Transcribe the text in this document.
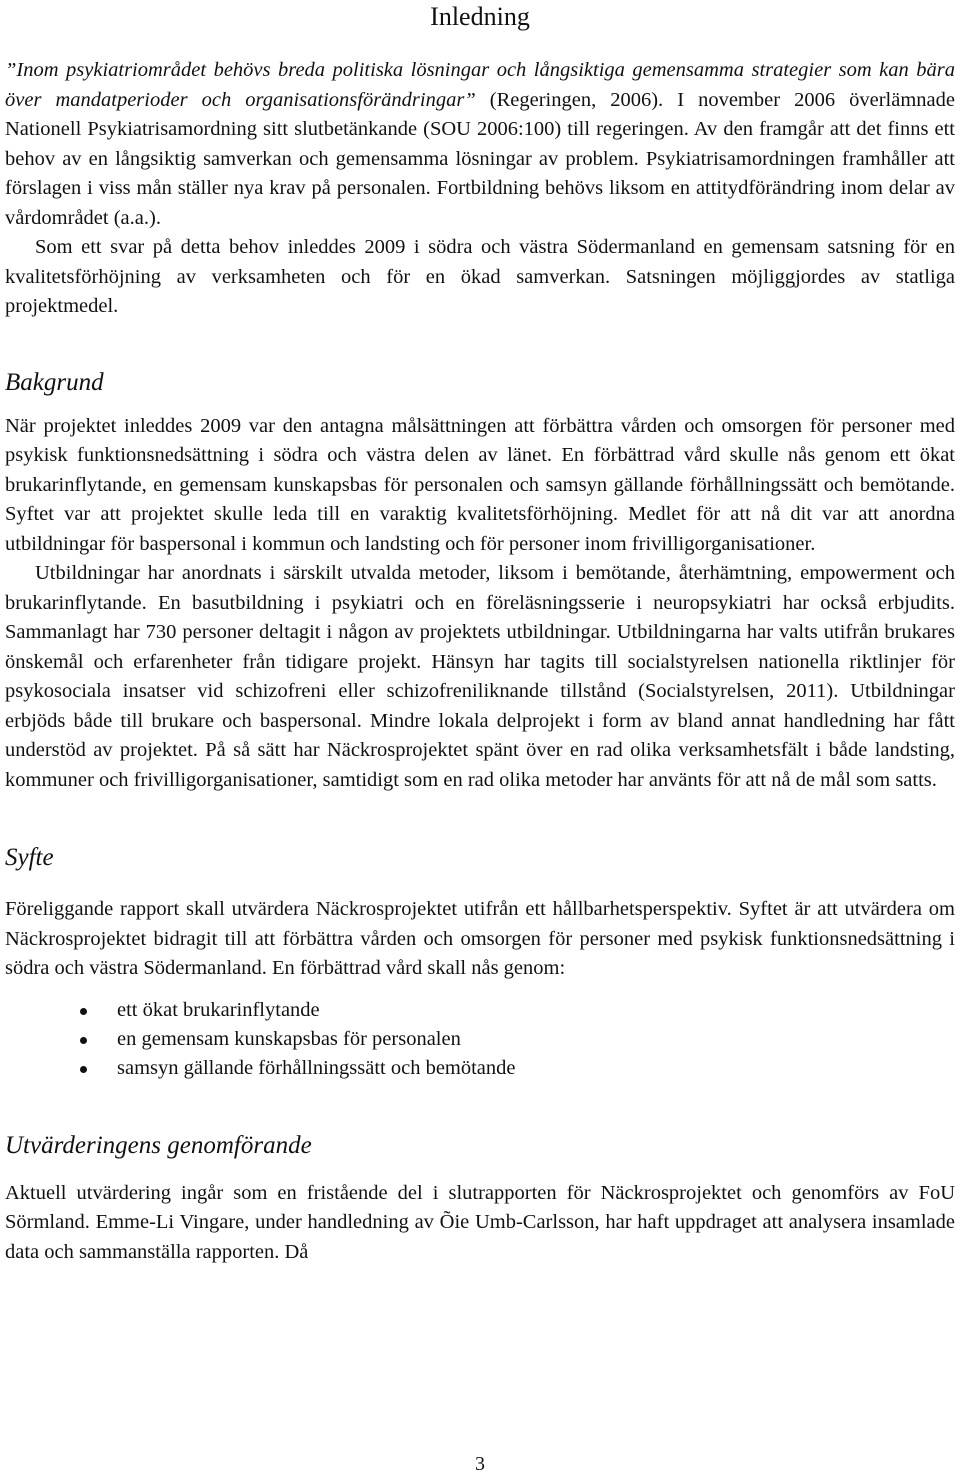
Inledning

”Inom psykiatriområdet behövs breda politiska lösningar och långsiktiga gemensamma strategier som kan bära över mandatperioder och organisationsförändringar” (Regeringen, 2006). I november 2006 överlämnade Nationell Psykiatrisamordning sitt slutbetänkande (SOU 2006:100) till regeringen. Av den framgår att det finns ett behov av en långsiktig samverkan och gemensamma lösningar av problem. Psykiatrisamordningen framhåller att förslagen i viss mån ställer nya krav på personalen. Fortbildning behövs liksom en attitydförändring inom delar av vårdområdet (a.a.).

Som ett svar på detta behov inleddes 2009 i södra och västra Södermanland en gemensam satsning för en kvalitetsförhöjning av verksamheten och för en ökad samverkan. Satsningen möjliggjordes av statliga projektmedel.

Bakgrund

När projektet inleddes 2009 var den antagna målsättningen att förbättra vården och omsorgen för personer med psykisk funktionsnedsättning i södra och västra delen av länet. En förbättrad vård skulle nås genom ett ökat brukarinflytande, en gemensam kunskapsbas för personalen och samsyn gällande förhållningssätt och bemötande. Syftet var att projektet skulle leda till en varaktig kvalitetsförhöjning. Medlet för att nå dit var att anordna utbildningar för baspersonal i kommun och landsting och för personer inom frivilligorganisationer.

Utbildningar har anordnats i särskilt utvalda metoder, liksom i bemötande, återhämtning, empowerment och brukarinflytande. En basutbildning i psykiatri och en föreläsningsserie i neuropsykiatri har också erbjudits. Sammanlagt har 730 personer deltagit i någon av projektets utbildningar. Utbildningarna har valts utifrån brukares önskemål och erfarenheter från tidigare projekt. Hänsyn har tagits till socialstyrelsen nationella riktlinjer för psykosociala insatser vid schizofreni eller schizofreniliknande tillstånd (Socialstyrelsen, 2011). Utbildningar erbjöds både till brukare och baspersonal. Mindre lokala delprojekt i form av bland annat handledning har fått understöd av projektet. På så sätt har Näckrosprojektet spänt över en rad olika verksamhetsfält i både landsting, kommuner och frivilligorganisationer, samtidigt som en rad olika metoder har använts för att nå de mål som satts.

Syfte

Föreliggande rapport skall utvärdera Näckrosprojektet utifrån ett hållbarhetsperspektiv. Syftet är att utvärdera om Näckrosprojektet bidragit till att förbättra vården och omsorgen för personer med psykisk funktionsnedsättning i södra och västra Södermanland. En förbättrad vård skall nås genom:

ett ökat brukarinflytande
en gemensam kunskapsbas för personalen
samsyn gällande förhållningssätt och bemötande
Utvärderingens genomförande

Aktuell utvärdering ingår som en fristående del i slutrapporten för Näckrosprojektet och genomförs av FoU Sörmland. Emme-Li Vingare, under handledning av Õie Umb-Carlsson, har haft uppdraget att analysera insamlade data och sammanställa rapporten. Då

3
